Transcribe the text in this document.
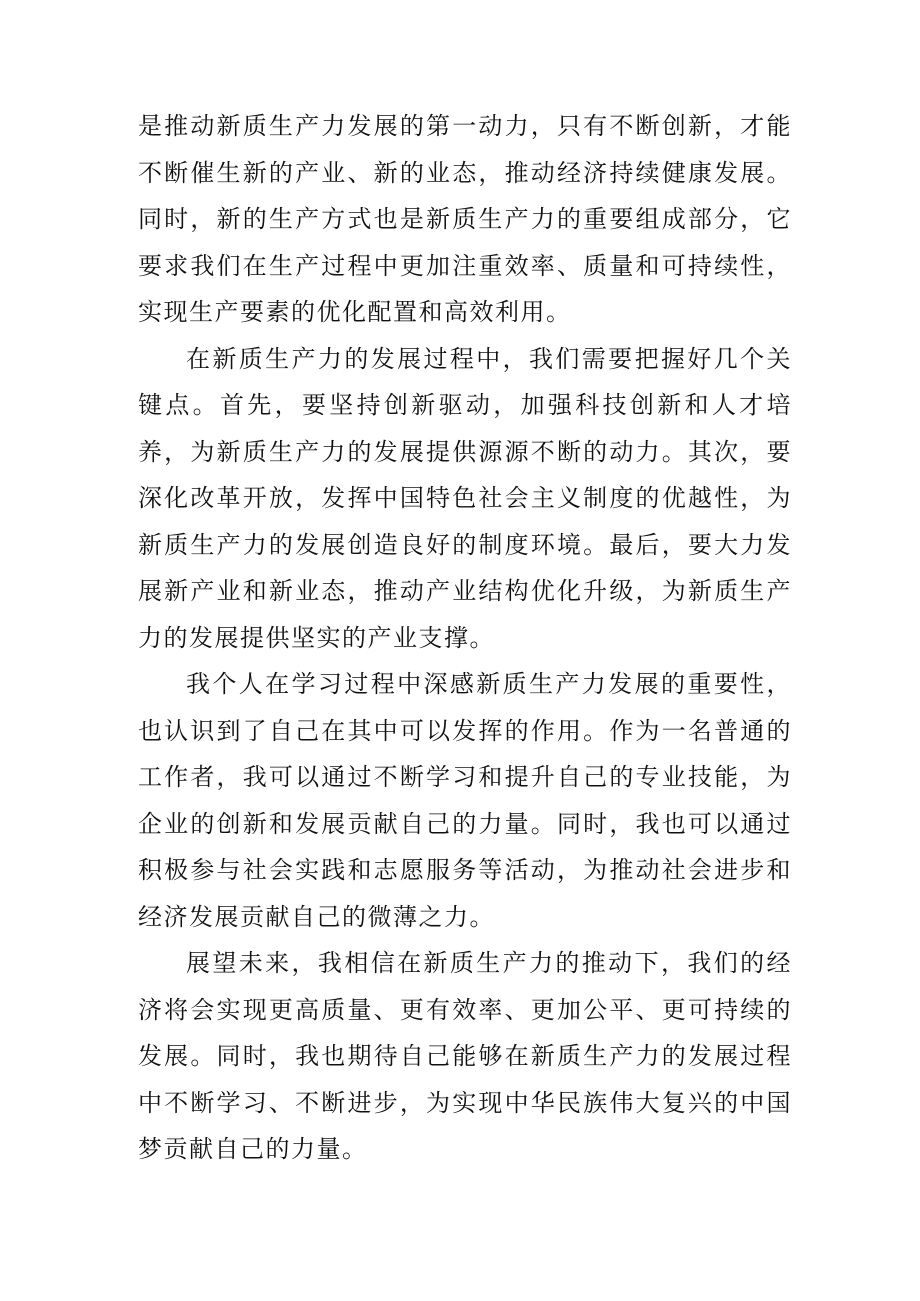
是推动新质生产力发展的第一动力，只有不断创新，才能不断催生新的产业、新的业态，推动经济持续健康发展。同时，新的生产方式也是新质生产力的重要组成部分，它要求我们在生产过程中更加注重效率、质量和可持续性，实现生产要素的优化配置和高效利用。

在新质生产力的发展过程中，我们需要把握好几个关键点。首先，要坚持创新驱动，加强科技创新和人才培养，为新质生产力的发展提供源源不断的动力。其次，要深化改革开放，发挥中国特色社会主义制度的优越性，为新质生产力的发展创造良好的制度环境。最后，要大力发展新产业和新业态，推动产业结构优化升级，为新质生产力的发展提供坚实的产业支撑。

我个人在学习过程中深感新质生产力发展的重要性，也认识到了自己在其中可以发挥的作用。作为一名普通的工作者，我可以通过不断学习和提升自己的专业技能，为企业的创新和发展贡献自己的力量。同时，我也可以通过积极参与社会实践和志愿服务等活动，为推动社会进步和经济发展贡献自己的微薄之力。

展望未来，我相信在新质生产力的推动下，我们的经济将会实现更高质量、更有效率、更加公平、更可持续的发展。同时，我也期待自己能够在新质生产力的发展过程中不断学习、不断进步，为实现中华民族伟大复兴的中国梦贡献自己的力量。
